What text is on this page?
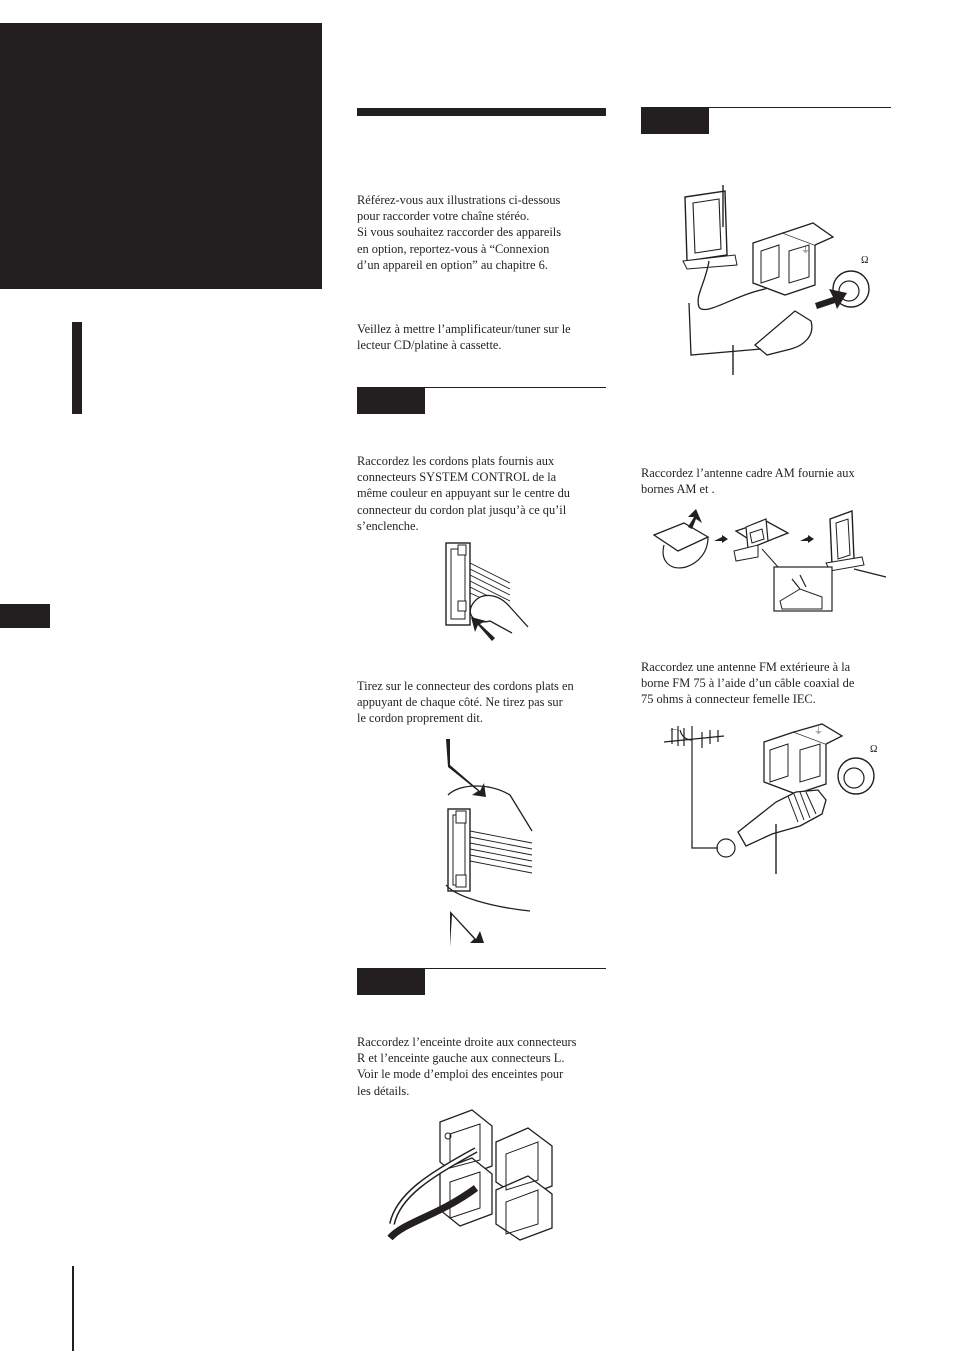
Référez-vous aux illustrations ci-dessous
pour raccorder votre chaîne stéréo.
Si vous souhaitez raccorder des appareils
en option, reportez-vous à “Connexion
d’un appareil en option” au chapitre 6.
Veillez à mettre l’amplificateur/tuner sur le
lecteur CD/platine à cassette.
Raccordez les cordons plats fournis aux
connecteurs SYSTEM CONTROL de la
même couleur en appuyant sur le centre du
connecteur du cordon plat jusqu’à ce qu’il
s’enclenche.
Tirez sur le connecteur des cordons plats en
appuyant de chaque côté. Ne tirez pas sur
le cordon proprement dit.
Raccordez l’enceinte droite aux connecteurs
R et l’enceinte gauche aux connecteurs L.
Voir le mode d’emploi des enceintes pour
les détails.
⏚
Ω
Raccordez l’antenne cadre AM fournie aux
bornes AM et .
Raccordez une antenne FM extérieure à la
borne FM 75 à l’aide d’un câble coaxial de
75 ohms à connecteur femelle IEC.
⌒	⏚
Ω
